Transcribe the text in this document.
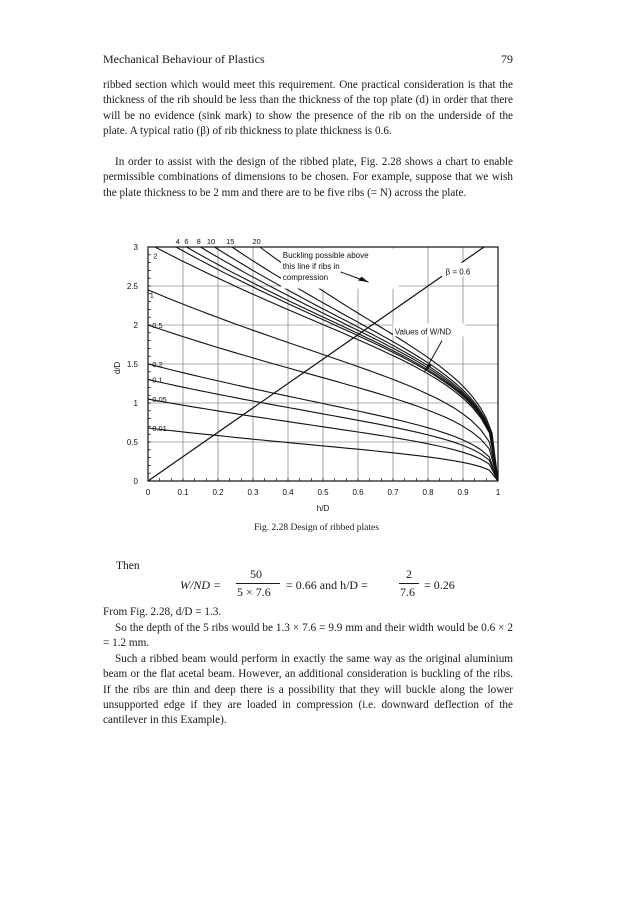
Mechanical Behaviour of Plastics	79
ribbed section which would meet this requirement. One practical consideration is that the thickness of the rib should be less than the thickness of the top plate (d) in order that there will be no evidence (sink mark) to show the presence of the rib on the underside of the plate. A typical ratio (β) of rib thickness to plate thickness is 0.6.
In order to assist with the design of the ribbed plate, Fig. 2.28 shows a chart to enable permissible combinations of dimensions to be chosen. For example, suppose that we wish the plate thickness to be 2 mm and there are to be five ribs (= N) across the plate.
0	0.1	0.2	0.3	0.4	0.5	0.6	0.7	0.8	0.9	1
0
0.5
1
1.5
2
2.5
3
h/D
d/D
0.01
0.05
0.1
0.2
0.5
1
2
4 6 8 10 15 20
Buckling possible above
this line if ribs in
compression
β = 0.6
Values of W/ND
Fig. 2.28 Design of ribbed plates
Then
W/ND =
50
5 × 7.6 = 0.66 and h/D =
2
7.6 = 0.26
From Fig. 2.28, d/D = 1.3.
So the depth of the 5 ribs would be 1.3 × 7.6 = 9.9 mm and their width would be 0.6 × 2 = 1.2 mm.
Such a ribbed beam would perform in exactly the same way as the original aluminium beam or the flat acetal beam. However, an additional consideration is buckling of the ribs. If the ribs are thin and deep there is a possibility that they will buckle along the lower unsupported edge if they are loaded in compression (i.e. downward deflection of the cantilever in this Example).
